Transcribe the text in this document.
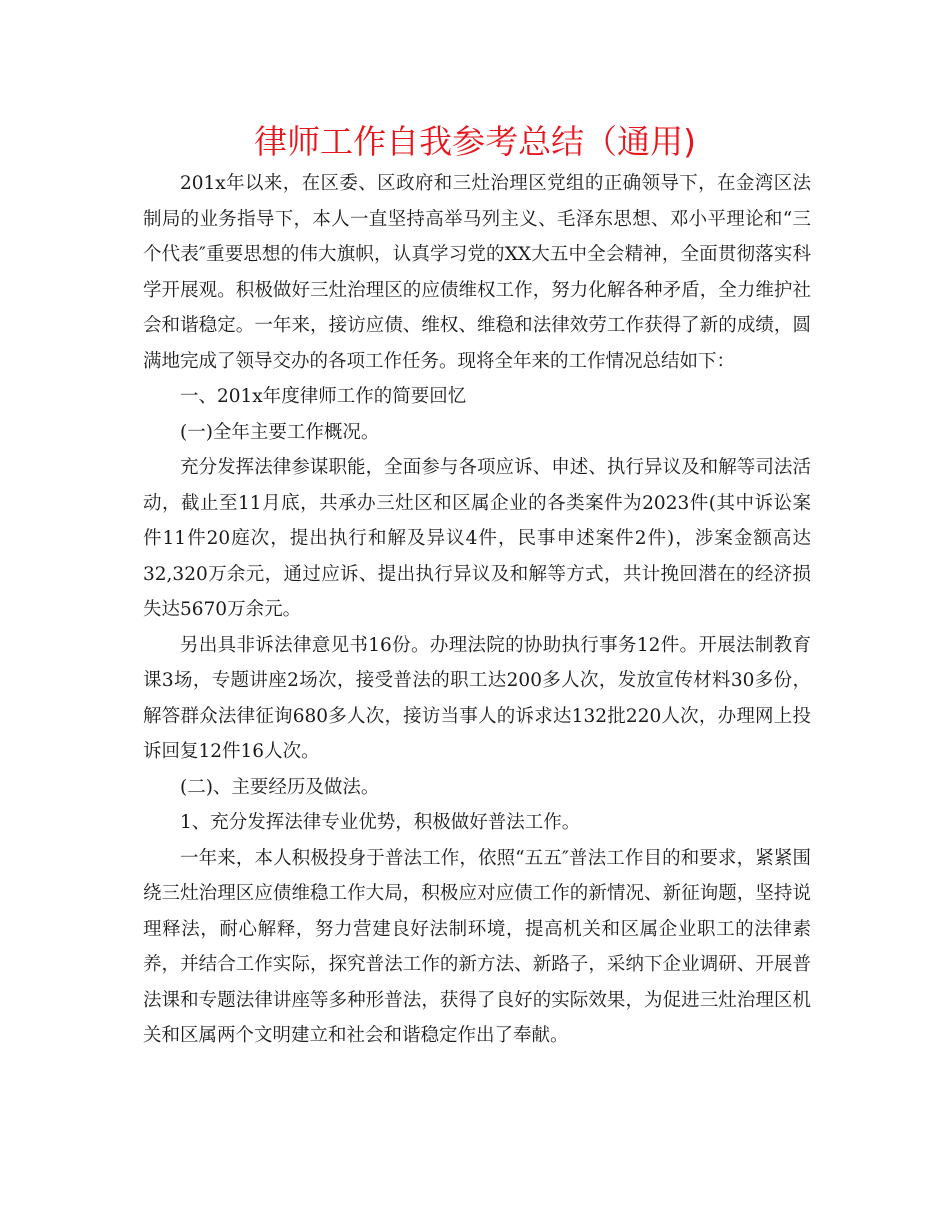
律师工作自我参考总结（通用)

201x年以来，在区委、区政府和三灶治理区党组的正确领导下，在金湾区法制局的业务指导下，本人一直坚持高举马列主义、毛泽东思想、邓小平理论和“三个代表″重要思想的伟大旗帜，认真学习党的XX大五中全会精神，全面贯彻落实科学开展观。积极做好三灶治理区的应债维权工作，努力化解各种矛盾，全力维护社会和谐稳定。一年来，接访应债、维权、维稳和法律效劳工作获得了新的成绩，圆满地完成了领导交办的各项工作任务。现将全年来的工作情况总结如下：

一、201x年度律师工作的简要回忆

(一)全年主要工作概况。

充分发挥法律参谋职能，全面参与各项应诉、申述、执行异议及和解等司法活动，截止至11月底，共承办三灶区和区属企业的各类案件为2023件(其中诉讼案件11件20庭次，提出执行和解及异议4件，民事申述案件2件)，涉案金额高达32,320万余元，通过应诉、提出执行异议及和解等方式，共计挽回潜在的经济损失达5670万余元。

另出具非诉法律意见书16份。办理法院的协助执行事务12件。开展法制教育课3场，专题讲座2场次，接受普法的职工达200多人次，发放宣传材料30多份，解答群众法律征询680多人次，接访当事人的诉求达132批220人次，办理网上投诉回复12件16人次。

(二)、主要经历及做法。

1、充分发挥法律专业优势，积极做好普法工作。

一年来，本人积极投身于普法工作，依照“五五″普法工作目的和要求，紧紧围绕三灶治理区应债维稳工作大局，积极应对应债工作的新情况、新征询题，坚持说理释法，耐心解释，努力营建良好法制环境，提高机关和区属企业职工的法律素养，并结合工作实际，探究普法工作的新方法、新路子，采纳下企业调研、开展普法课和专题法律讲座等多种形普法，获得了良好的实际效果，为促进三灶治理区机关和区属两个文明建立和社会和谐稳定作出了奉献。
